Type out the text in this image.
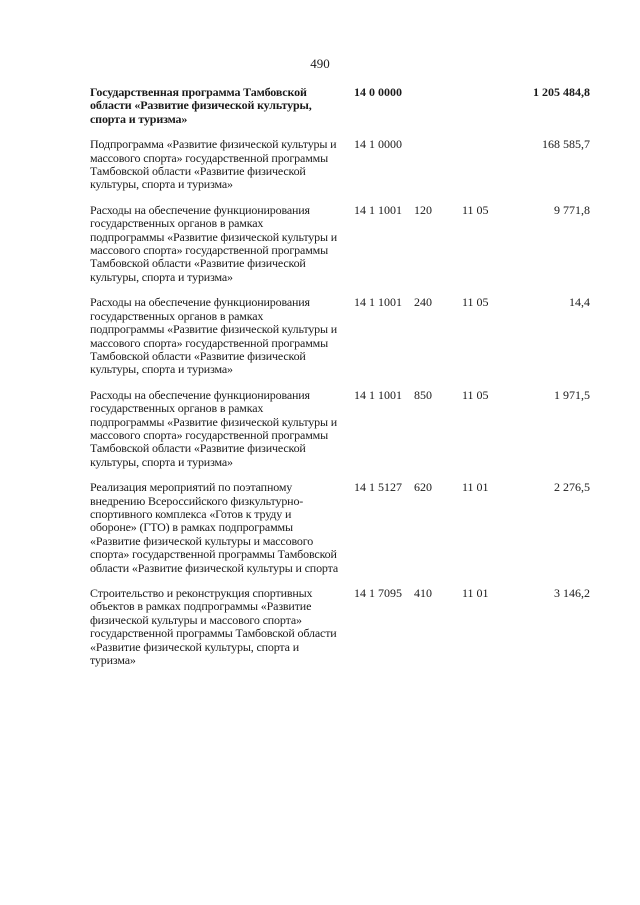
490
Государственная программа Тамбовской области «Развитие физической культуры, спорта и туризма»
14 0 0000	1 205 484,8
Подпрограмма «Развитие физической культуры и массового спорта» государственной программы Тамбовской области «Развитие физической культуры, спорта и туризма»
14 1 0000	168 585,7
Расходы на обеспечение функционирования государственных органов в рамках подпрограммы «Развитие физической культуры и массового спорта» государственной программы Тамбовской области «Развитие физической культуры, спорта и туризма»
14 1 1001	120	11 05	9 771,8
Расходы на обеспечение функционирования государственных органов в рамках подпрограммы «Развитие физической культуры и массового спорта» государственной программы Тамбовской области «Развитие физической культуры, спорта и туризма»
14 1 1001	240	11 05	14,4
Расходы на обеспечение функционирования государственных органов в рамках подпрограммы «Развитие физической культуры и массового спорта» государственной программы Тамбовской области «Развитие физической культуры, спорта и туризма»
14 1 1001	850	11 05	1 971,5
Реализация мероприятий по поэтапному внедрению Всероссийского физкультурно-спортивного комплекса «Готов к труду и обороне» (ГТО) в рамках подпрограммы «Развитие физической культуры и массового спорта» государственной программы Тамбовской области «Развитие физической культуры и спорта
14 1 5127	620	11 01	2 276,5
Строительство и реконструкция спортивных объектов в рамках подпрограммы «Развитие физической культуры и массового спорта» государственной программы Тамбовской области «Развитие физической культуры, спорта и туризма»
14 1 7095	410	11 01	3 146,2
